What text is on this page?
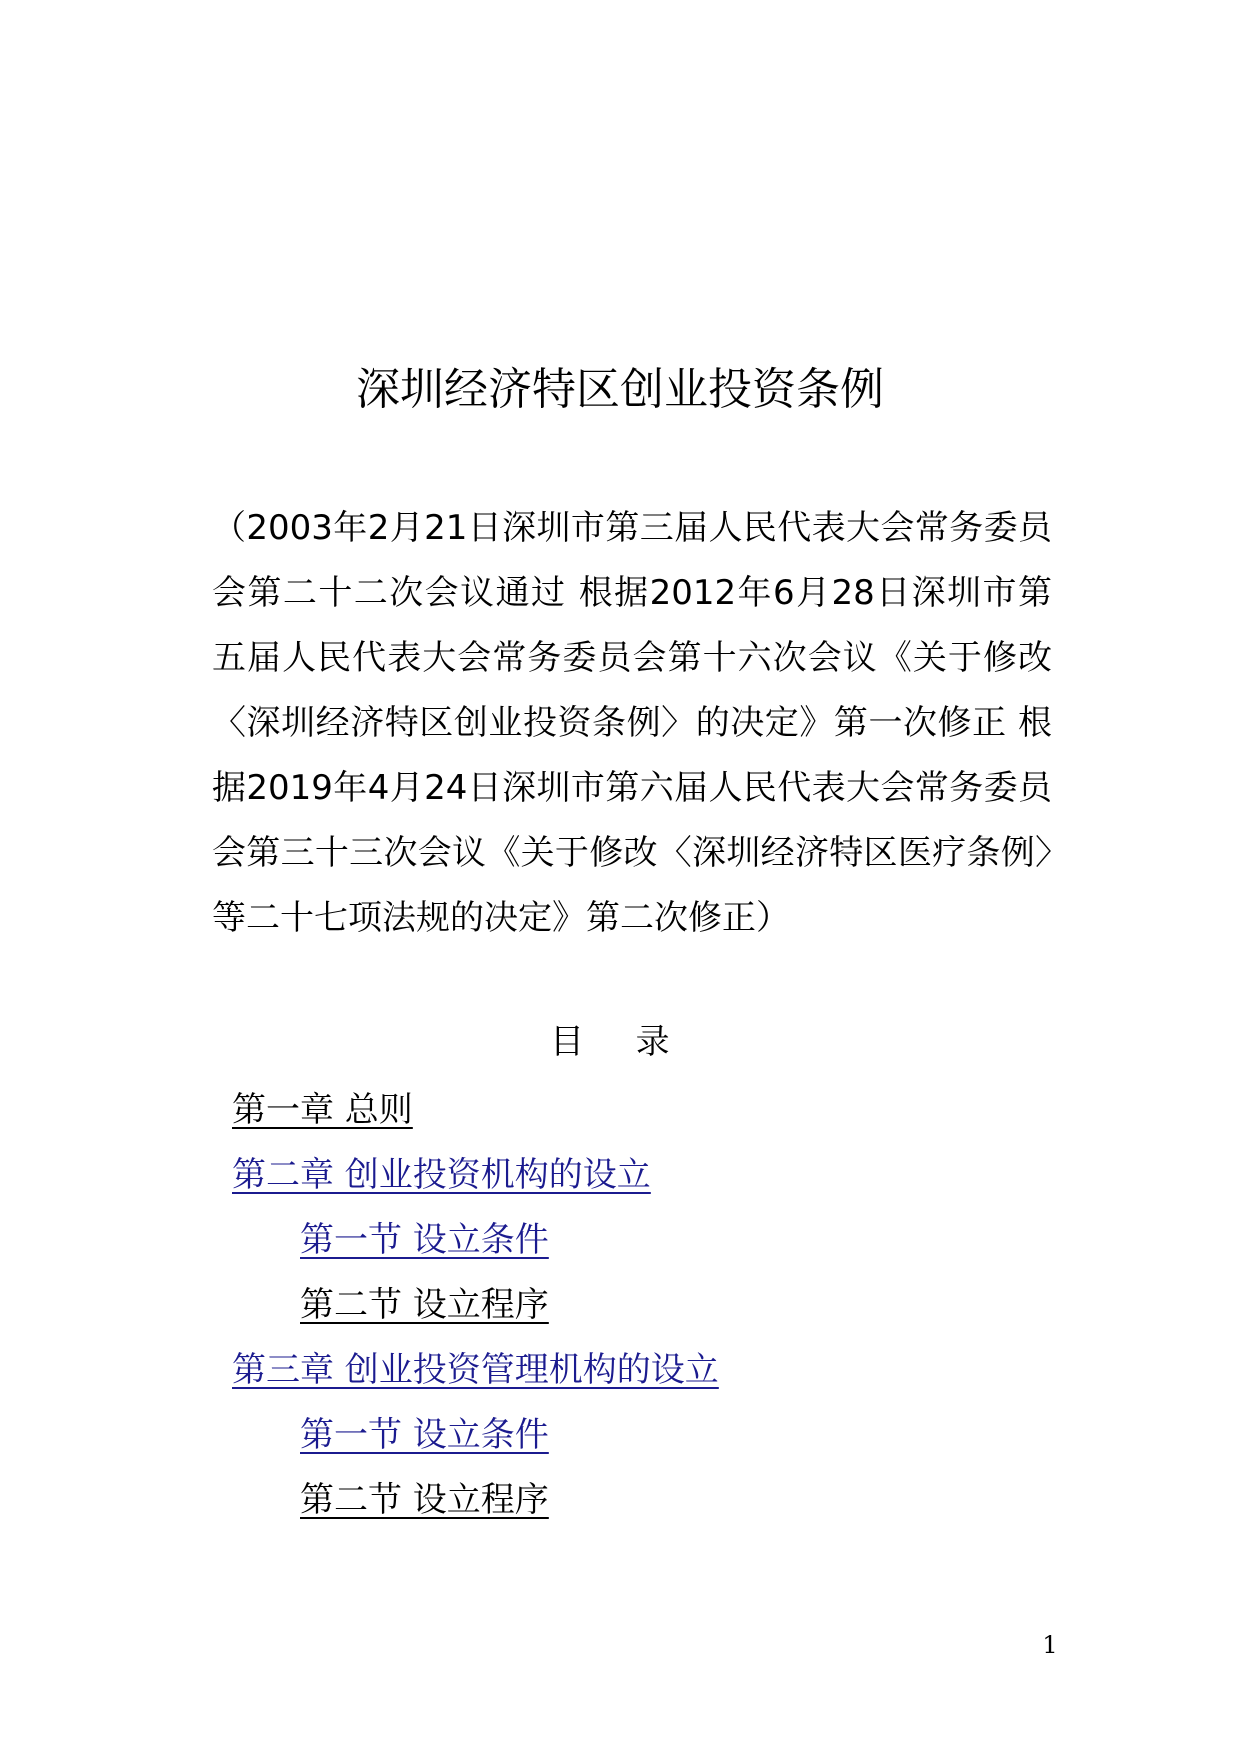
深圳经济特区创业投资条例

（2003年2月21日深圳市第三届人民代表大会常务委员会第二十二次会议通过 根据2012年6月28日深圳市第五届人民代表大会常务委员会第十六次会议《关于修改〈深圳经济特区创业投资条例〉的决定》第一次修正 根据2019年4月24日深圳市第六届人民代表大会常务委员会第三十三次会议《关于修改〈深圳经济特区医疗条例〉等二十七项法规的决定》第二次修正）

目 录
第一章 总则
第二章 创业投资机构的设立
第一节 设立条件
第二节 设立程序
第三章 创业投资管理机构的设立
第一节 设立条件
第二节 设立程序
1
